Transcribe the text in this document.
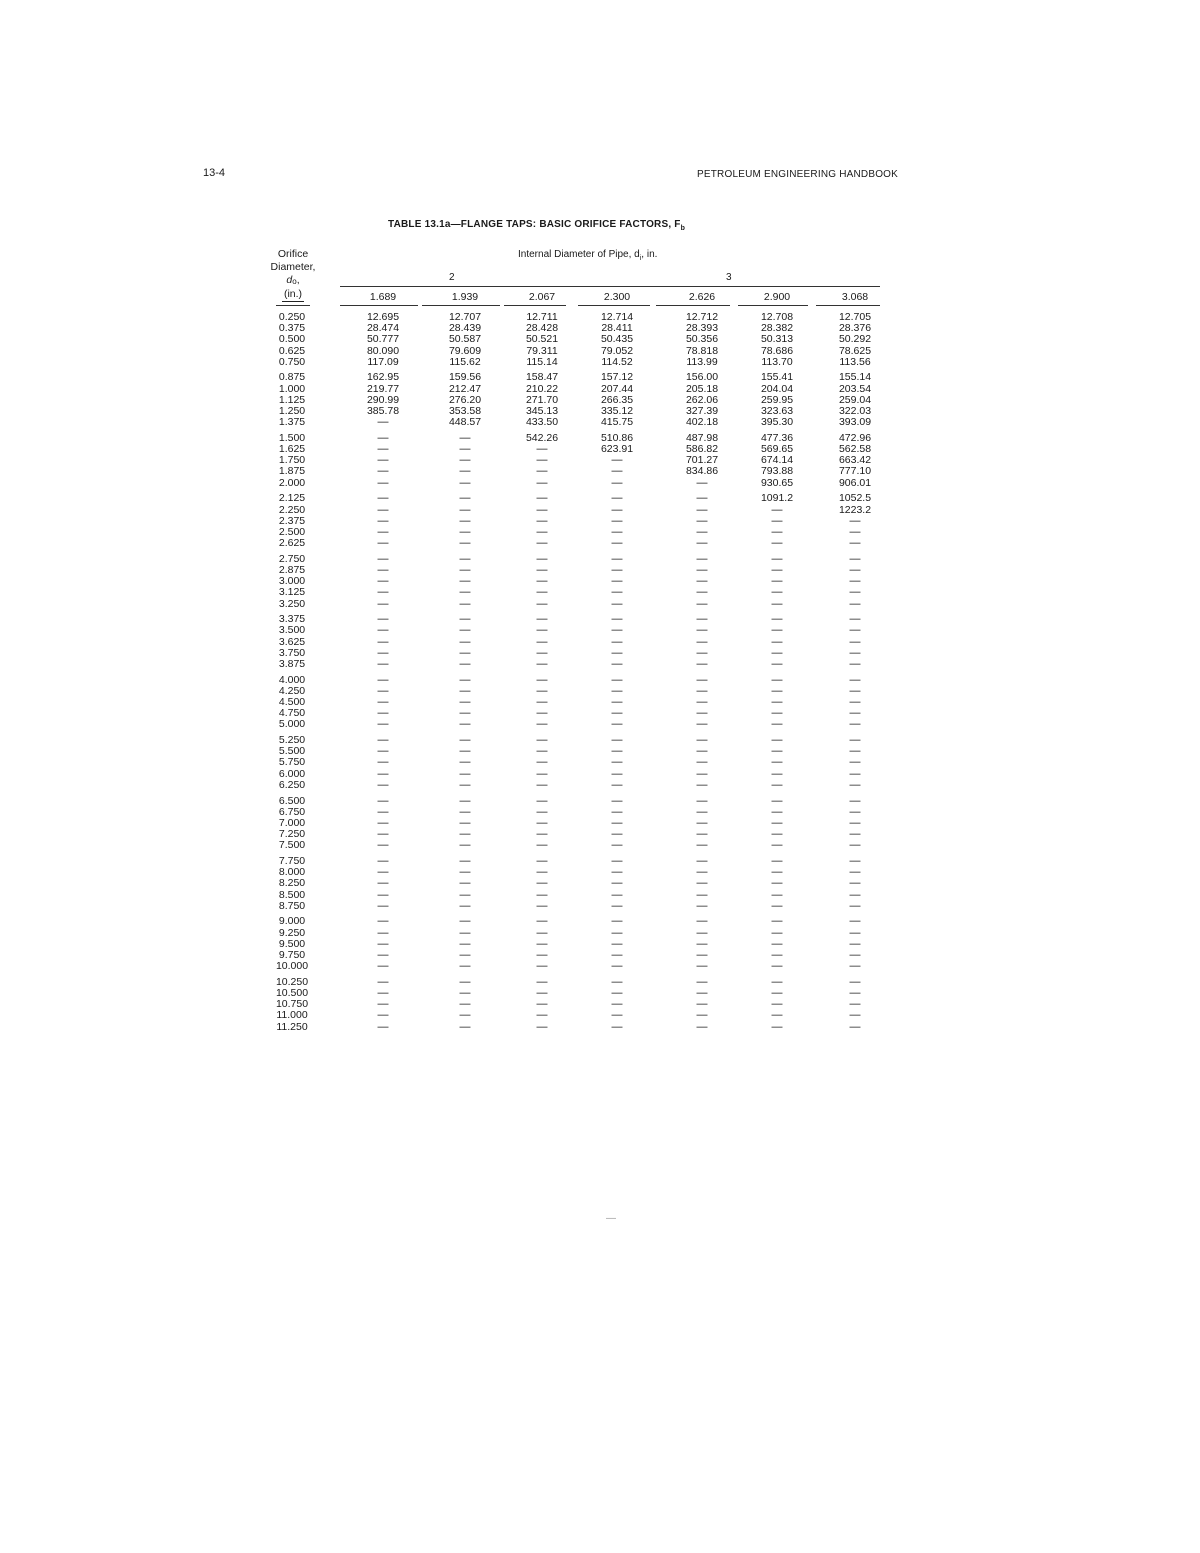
13-4	PETROLEUM ENGINEERING HANDBOOK
TABLE 13.1a—FLANGE TAPS: BASIC ORIFICE FACTORS, $F_b$
Orifice
Diameter,
do,
(in.)
Internal Diameter of Pipe, $d_i$, in.
2	3
1.689	1.939	2.067	2.300	2.626	2.900	3.068
0.250	12.695	12.707	12.711	12.714	12.712	12.708	12.705
0.375	28.474	28.439	28.428	28.411	28.393	28.382	28.376
0.500	50.777	50.587	50.521	50.435	50.356	50.313	50.292
0.625	80.090	79.609	79.311	79.052	78.818	78.686	78.625
0.750	117.09	115.62	115.14	114.52	113.99	113.70	113.56
0.875	162.95	159.56	158.47	157.12	156.00	155.41	155.14
1.000	219.77	212.47	210.22	207.44	205.18	204.04	203.54
1.125	290.99	276.20	271.70	266.35	262.06	259.95	259.04
1.250	385.78	353.58	345.13	335.12	327.39	323.63	322.03
1.375	—	448.57	433.50	415.75	402.18	395.30	393.09
1.500	—	—	542.26	510.86	487.98	477.36	472.96
1.625	—	—	—	623.91	586.82	569.65	562.58
1.750	—	—	—	—	701.27	674.14	663.42
1.875	—	—	—	—	834.86	793.88	777.10
2.000	—	—	—	—	—	930.65	906.01
2.125	—	—	—	—	—	1091.2	1052.5
2.250	—	—	—	—	—	—	1223.2
2.375	—	—	—	—	—	—	—
2.500	—	—	—	—	—	—	—
2.625	—	—	—	—	—	—	—
2.750	—	—	—	—	—	—	—
2.875	—	—	—	—	—	—	—
3.000	—	—	—	—	—	—	—
3.125	—	—	—	—	—	—	—
3.250	—	—	—	—	—	—	—
3.375	—	—	—	—	—	—	—
3.500	—	—	—	—	—	—	—
3.625	—	—	—	—	—	—	—
3.750	—	—	—	—	—	—	—
3.875	—	—	—	—	—	—	—
4.000	—	—	—	—	—	—	—
4.250	—	—	—	—	—	—	—
4.500	—	—	—	—	—	—	—
4.750	—	—	—	—	—	—	—
5.000	—	—	—	—	—	—	—
5.250	—	—	—	—	—	—	—
5.500	—	—	—	—	—	—	—
5.750	—	—	—	—	—	—	—
6.000	—	—	—	—	—	—	—
6.250	—	—	—	—	—	—	—
6.500	—	—	—	—	—	—	—
6.750	—	—	—	—	—	—	—
7.000	—	—	—	—	—	—	—
7.250	—	—	—	—	—	—	—
7.500	—	—	—	—	—	—	—
7.750	—	—	—	—	—	—	—
8.000	—	—	—	—	—	—	—
8.250	—	—	—	—	—	—	—
8.500	—	—	—	—	—	—	—
8.750	—	—	—	—	—	—	—
9.000	—	—	—	—	—	—	—
9.250	—	—	—	—	—	—	—
9.500	—	—	—	—	—	—	—
9.750	—	—	—	—	—	—	—
10.000	—	—	—	—	—	—	—
10.250	—	—	—	—	—	—	—
10.500	—	—	—	—	—	—	—
10.750	—	—	—	—	—	—	—
11.000	—	—	—	—	—	—	—
11.250	—	—	—	—	—	—	—
—
